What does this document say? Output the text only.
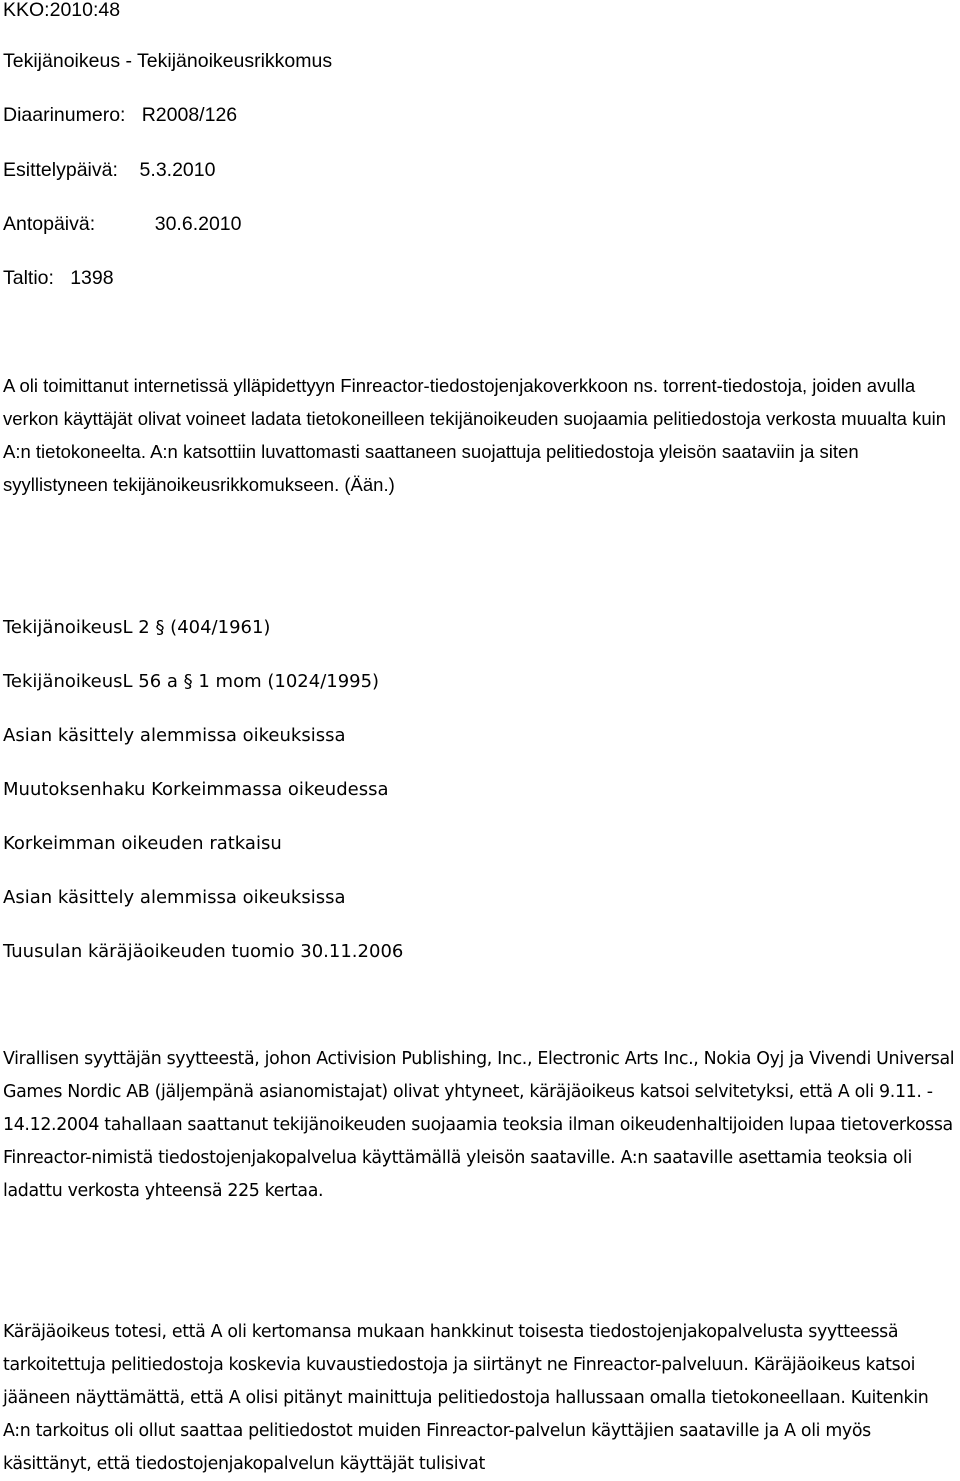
KKO:2010:48
Tekijänoikeus - Tekijänoikeusrikkomus
Diaarinumero:   R2008/126
Esittelypäivä:    5.3.2010
Antopäivä:           30.6.2010
Taltio:   1398
A oli toimittanut internetissä ylläpidettyyn Finreactor-tiedostojenjakoverkkoon ns. torrent-tiedostoja, joiden avulla verkon käyttäjät olivat voineet ladata tietokoneilleen tekijänoikeuden suojaamia pelitiedostoja verkosta muualta kuin A:n tietokoneelta. A:n katsottiin luvattomasti saattaneen suojattuja pelitiedostoja yleisön saataviin ja siten syyllistyneen tekijänoikeusrikkomukseen. (Ään.)
TekijänoikeusL 2 § (404/1961)
TekijänoikeusL 56 a § 1 mom (1024/1995)
Asian käsittely alemmissa oikeuksissa
Muutoksenhaku Korkeimmassa oikeudessa
Korkeimman oikeuden ratkaisu
Asian käsittely alemmissa oikeuksissa
Tuusulan käräjäoikeuden tuomio 30.11.2006
Virallisen syyttäjän syytteestä, johon Activision Publishing, Inc., Electronic Arts Inc., Nokia Oyj ja Vivendi Universal Games Nordic AB (jäljempänä asianomistajat) olivat yhtyneet, käräjäoikeus katsoi selvitetyksi, että A oli 9.11. - 14.12.2004 tahallaan saattanut tekijänoikeuden suojaamia teoksia ilman oikeudenhaltijoiden lupaa tietoverkossa Finreactor-nimistä tiedostojenjakopalvelua käyttämällä yleisön saataville. A:n saataville asettamia teoksia oli ladattu verkosta yhteensä 225 kertaa.
Käräjäoikeus totesi, että A oli kertomansa mukaan hankkinut toisesta tiedostojenjakopalvelusta syytteessä tarkoitettuja pelitiedostoja koskevia kuvaustiedostoja ja siirtänyt ne Finreactor-palveluun. Käräjäoikeus katsoi jääneen näyttämättä, että A olisi pitänyt mainittuja pelitiedostoja hallussaan omalla tietokoneellaan. Kuitenkin A:n tarkoitus oli ollut saattaa pelitiedostot muiden Finreactor-palvelun käyttäjien saataville ja A oli myös käsittänyt, että tiedostojenjakopalvelun käyttäjät tulisivat
